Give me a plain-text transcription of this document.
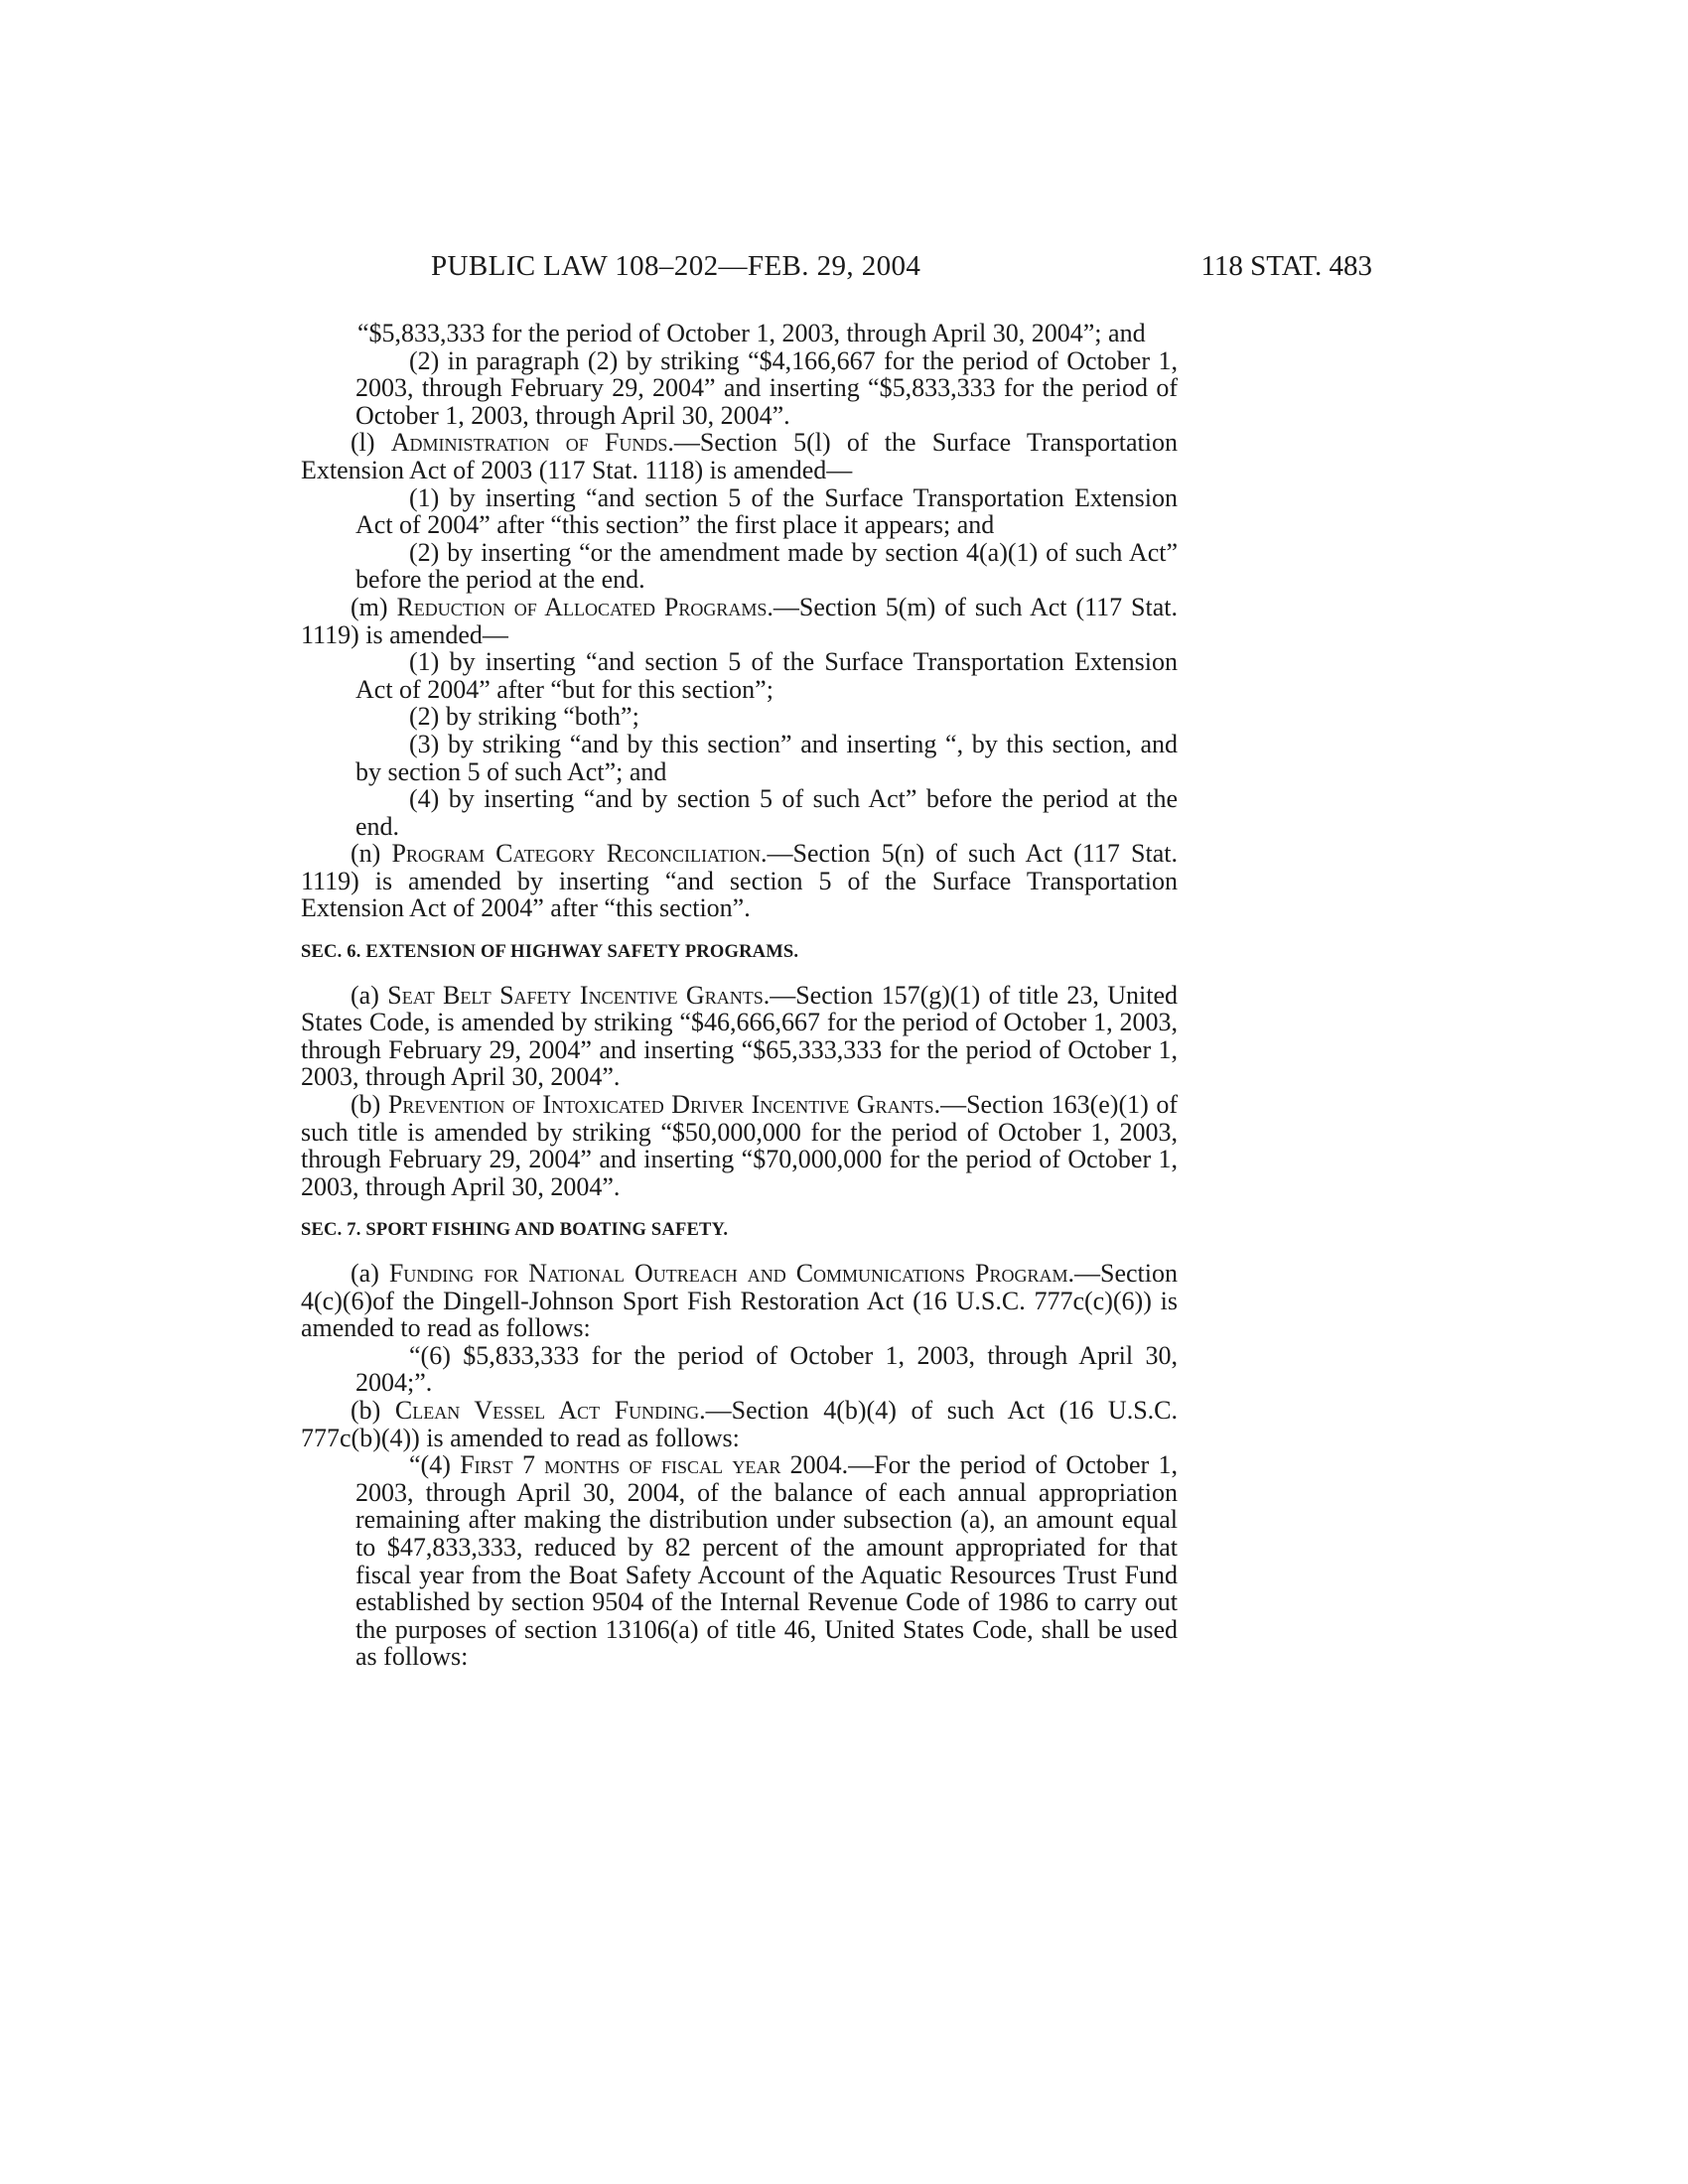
PUBLIC LAW 108–202—FEB. 29, 2004	118 STAT. 483

“$5,833,333 for the period of October 1, 2003, through April 30, 2004”; and

(2) in paragraph (2) by striking “$4,166,667 for the period of October 1, 2003, through February 29, 2004” and inserting “$5,833,333 for the period of October 1, 2003, through April 30, 2004”.

(l) Administration of Funds.—Section 5(l) of the Surface Transportation Extension Act of 2003 (117 Stat. 1118) is amended—

(1) by inserting “and section 5 of the Surface Transportation Extension Act of 2004” after “this section” the first place it appears; and

(2) by inserting “or the amendment made by section 4(a)(1) of such Act” before the period at the end.

(m) Reduction of Allocated Programs.—Section 5(m) of such Act (117 Stat. 1119) is amended—

(1) by inserting “and section 5 of the Surface Transportation Extension Act of 2004” after “but for this section”;

(2) by striking “both”;

(3) by striking “and by this section” and inserting “, by this section, and by section 5 of such Act”; and

(4) by inserting “and by section 5 of such Act” before the period at the end.

(n) Program Category Reconciliation.—Section 5(n) of such Act (117 Stat. 1119) is amended by inserting “and section 5 of the Surface Transportation Extension Act of 2004” after “this section”.

SEC. 6. EXTENSION OF HIGHWAY SAFETY PROGRAMS.

(a) Seat Belt Safety Incentive Grants.—Section 157(g)(1) of title 23, United States Code, is amended by striking “$46,666,667 for the period of October 1, 2003, through February 29, 2004” and inserting “$65,333,333 for the period of October 1, 2003, through April 30, 2004”.

(b) Prevention of Intoxicated Driver Incentive Grants.—Section 163(e)(1) of such title is amended by striking “$50,000,000 for the period of October 1, 2003, through February 29, 2004” and inserting “$70,000,000 for the period of October 1, 2003, through April 30, 2004”.

SEC. 7. SPORT FISHING AND BOATING SAFETY.

(a) Funding for National Outreach and Communications Program.—Section 4(c)(6)of the Dingell-Johnson Sport Fish Restoration Act (16 U.S.C. 777c(c)(6)) is amended to read as follows:

“(6) $5,833,333 for the period of October 1, 2003, through April 30, 2004;”.

(b) Clean Vessel Act Funding.—Section 4(b)(4) of such Act (16 U.S.C. 777c(b)(4)) is amended to read as follows:

“(4) First 7 months of fiscal year 2004.—For the period of October 1, 2003, through April 30, 2004, of the balance of each annual appropriation remaining after making the distribution under subsection (a), an amount equal to $47,833,333, reduced by 82 percent of the amount appropriated for that fiscal year from the Boat Safety Account of the Aquatic Resources Trust Fund established by section 9504 of the Internal Revenue Code of 1986 to carry out the purposes of section 13106(a) of title 46, United States Code, shall be used as follows:
